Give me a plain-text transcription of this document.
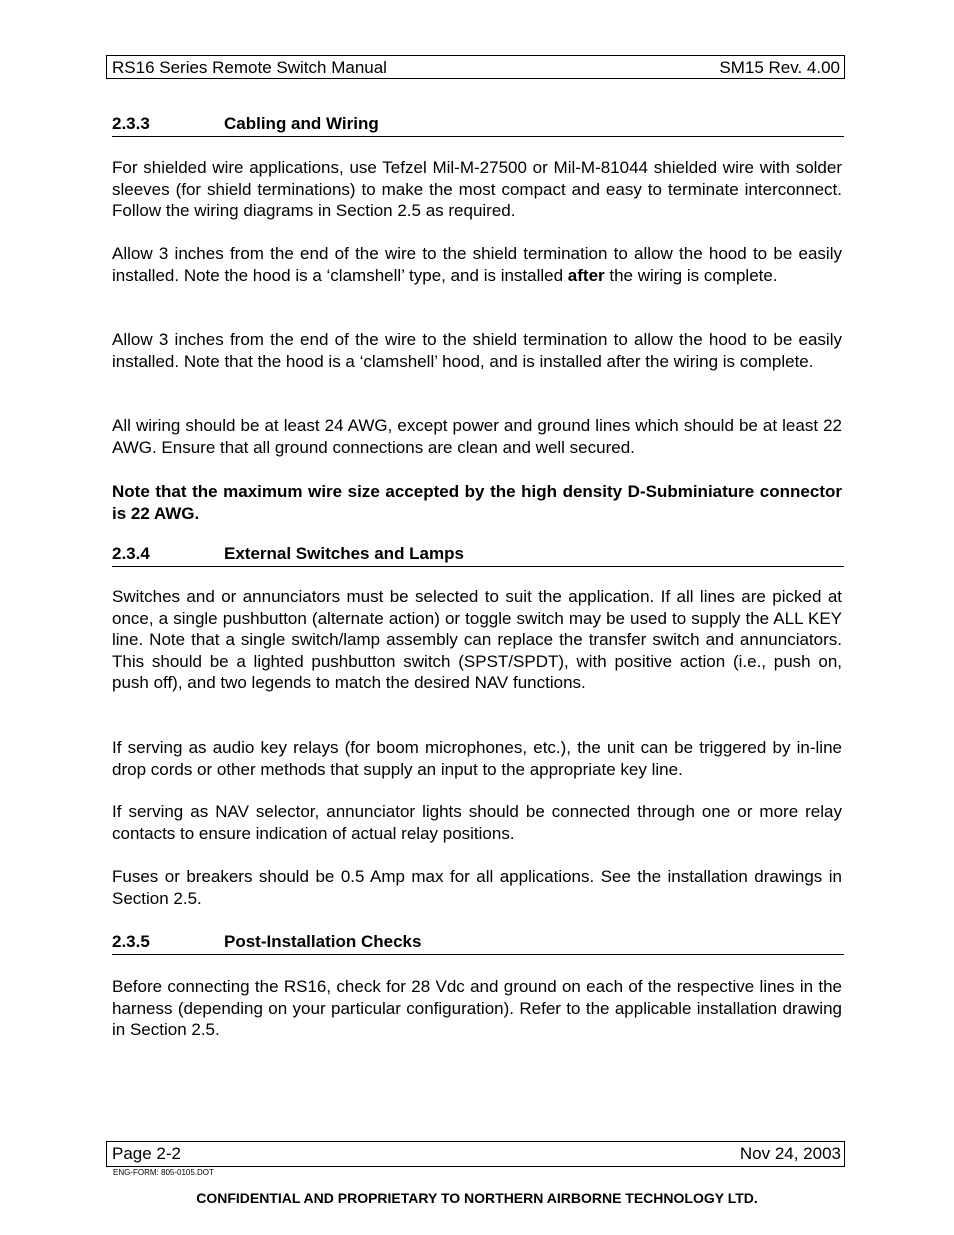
RS16 Series Remote Switch Manual	SM15 Rev. 4.00
2.3.3	Cabling and Wiring

For shielded wire applications, use Tefzel Mil-M-27500 or Mil-M-81044 shielded wire with solder sleeves (for shield terminations) to make the most compact and easy to terminate interconnect. Follow the wiring diagrams in Section 2.5 as required.

Allow 3 inches from the end of the wire to the shield termination to allow the hood to be easily installed. Note the hood is a ‘clamshell’ type, and is installed after the wiring is complete.

Allow 3 inches from the end of the wire to the shield termination to allow the hood to be easily installed. Note that the hood is a ‘clamshell’ hood, and is installed after the wiring is complete.

All wiring should be at least 24 AWG, except power and ground lines which should be at least 22 AWG. Ensure that all ground connections are clean and well secured.

Note that the maximum wire size accepted by the high density D-Subminiature connector is 22 AWG.

2.3.4	External Switches and Lamps

Switches and or annunciators must be selected to suit the application. If all lines are picked at once, a single pushbutton (alternate action) or toggle switch may be used to supply the ALL KEY line. Note that a single switch/lamp assembly can replace the transfer switch and annunciators. This should be a lighted pushbutton switch (SPST/SPDT), with positive action (i.e., push on, push off), and two legends to match the desired NAV functions.

If serving as audio key relays (for boom microphones, etc.), the unit can be triggered by in-line drop cords or other methods that supply an input to the appropriate key line.

If serving as NAV selector, annunciator lights should be connected through one or more relay contacts to ensure indication of actual relay positions.

Fuses or breakers should be 0.5 Amp max for all applications. See the installation drawings in Section 2.5.

2.3.5	Post-Installation Checks

Before connecting the RS16, check for 28 Vdc and ground on each of the respective lines in the harness (depending on your particular configuration). Refer to the applicable installation drawing in Section 2.5.

Page 2-2	Nov 24, 2003
ENG-FORM: 805-0105.DOT
CONFIDENTIAL AND PROPRIETARY TO NORTHERN AIRBORNE TECHNOLOGY LTD.
